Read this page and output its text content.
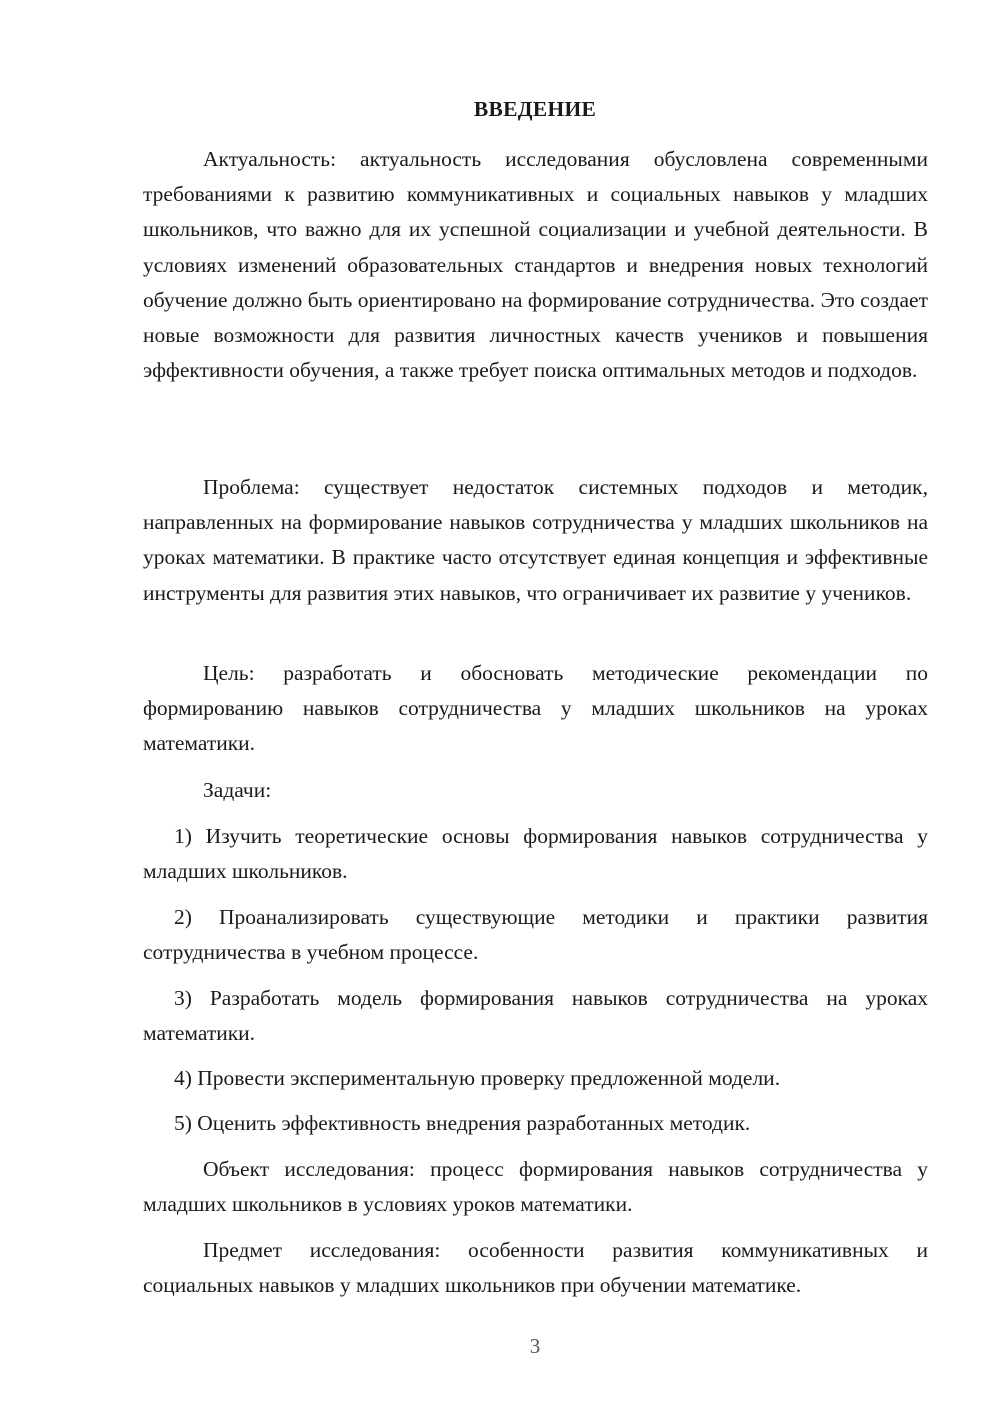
ВВЕДЕНИЕ

Актуальность: актуальность исследования обусловлена современными требованиями к развитию коммуникативных и социальных навыков у младших школьников, что важно для их успешной социализации и учебной деятельности. В условиях изменений образовательных стандартов и внедрения новых технологий обучение должно быть ориентировано на формирование сотрудничества. Это создает новые возможности для развития личностных качеств учеников и повышения эффективности обучения, а также требует поиска оптимальных методов и подходов.

Проблема: существует недостаток системных подходов и методик, направленных на формирование навыков сотрудничества у младших школьников на уроках математики. В практике часто отсутствует единая концепция и эффективные инструменты для развития этих навыков, что ограничивает их развитие у учеников.

Цель: разработать и обосновать методические рекомендации по формированию навыков сотрудничества у младших школьников на уроках математики.

Задачи:

1) Изучить теоретические основы формирования навыков сотрудничества у младших школьников.

2) Проанализировать существующие методики и практики развития сотрудничества в учебном процессе.

3) Разработать модель формирования навыков сотрудничества на уроках математики.

4) Провести экспериментальную проверку предложенной модели.

5) Оценить эффективность внедрения разработанных методик.

Объект исследования: процесс формирования навыков сотрудничества у младших школьников в условиях уроков математики.

Предмет исследования: особенности развития коммуникативных и социальных навыков у младших школьников при обучении математике.

3
